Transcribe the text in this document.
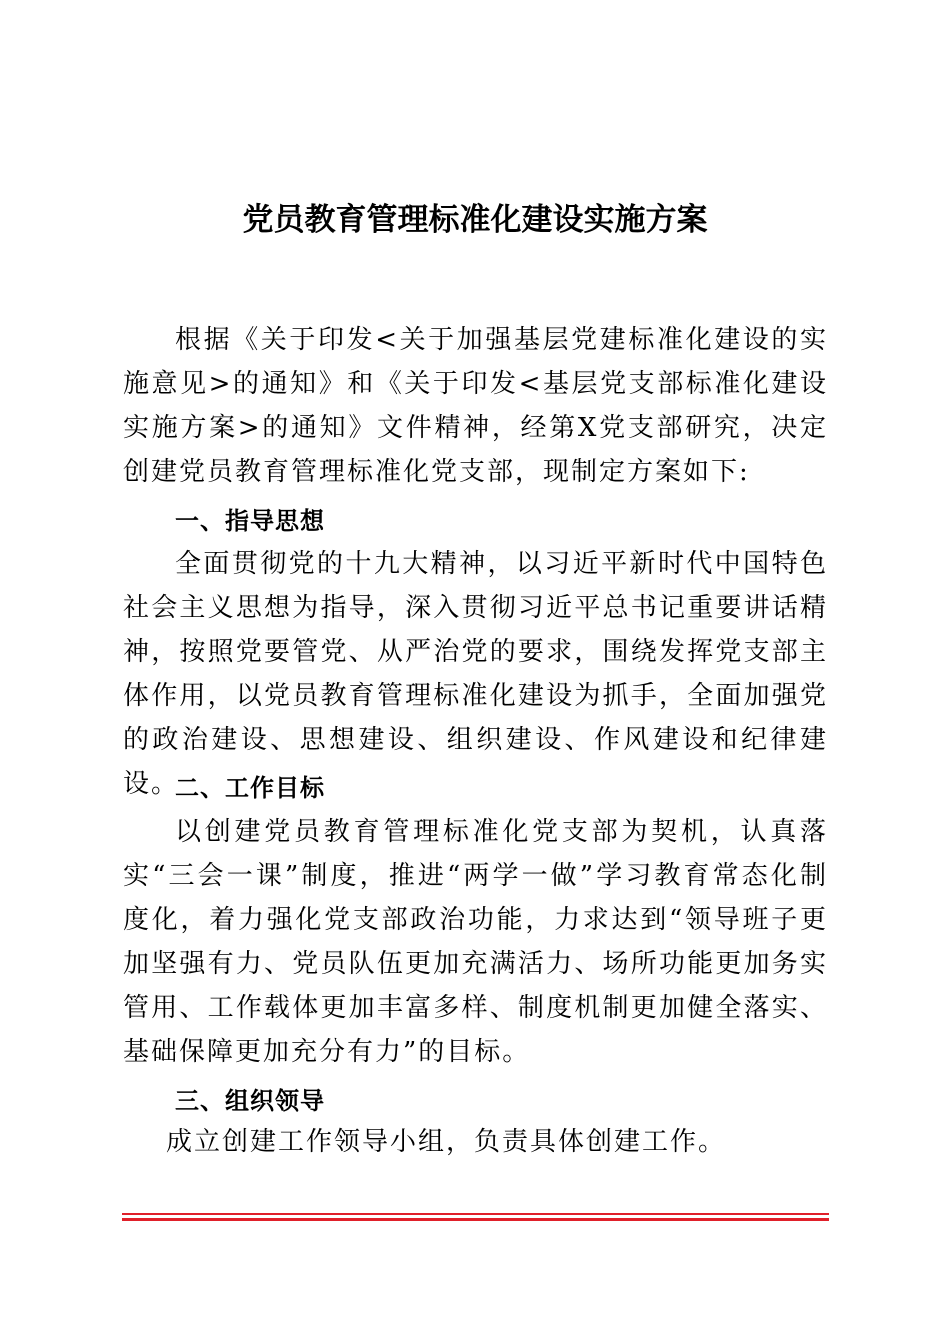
党员教育管理标准化建设实施方案

根据《关于印发<关于加强基层党建标准化建设的实施意见>的通知》和《关于印发<基层党支部标准化建设实施方案>的通知》文件精神，经第X党支部研究，决定创建党员教育管理标准化党支部，现制定方案如下:

一、指导思想

全面贯彻党的十九大精神，以习近平新时代中国特色社会主义思想为指导，深入贯彻习近平总书记重要讲话精神，按照党要管党、从严治党的要求，围绕发挥党支部主体作用，以党员教育管理标准化建设为抓手，全面加强党的政治建设、思想建设、组织建设、作风建设和纪律建设。

二、工作目标

以创建党员教育管理标准化党支部为契机，认真落实“三会一课”制度，推进“两学一做”学习教育常态化制度化，着力强化党支部政治功能，力求达到“领导班子更加坚强有力、党员队伍更加充满活力、场所功能更加务实管用、工作载体更加丰富多样、制度机制更加健全落实、基础保障更加充分有力”的目标。

三、组织领导

成立创建工作领导小组，负责具体创建工作。
